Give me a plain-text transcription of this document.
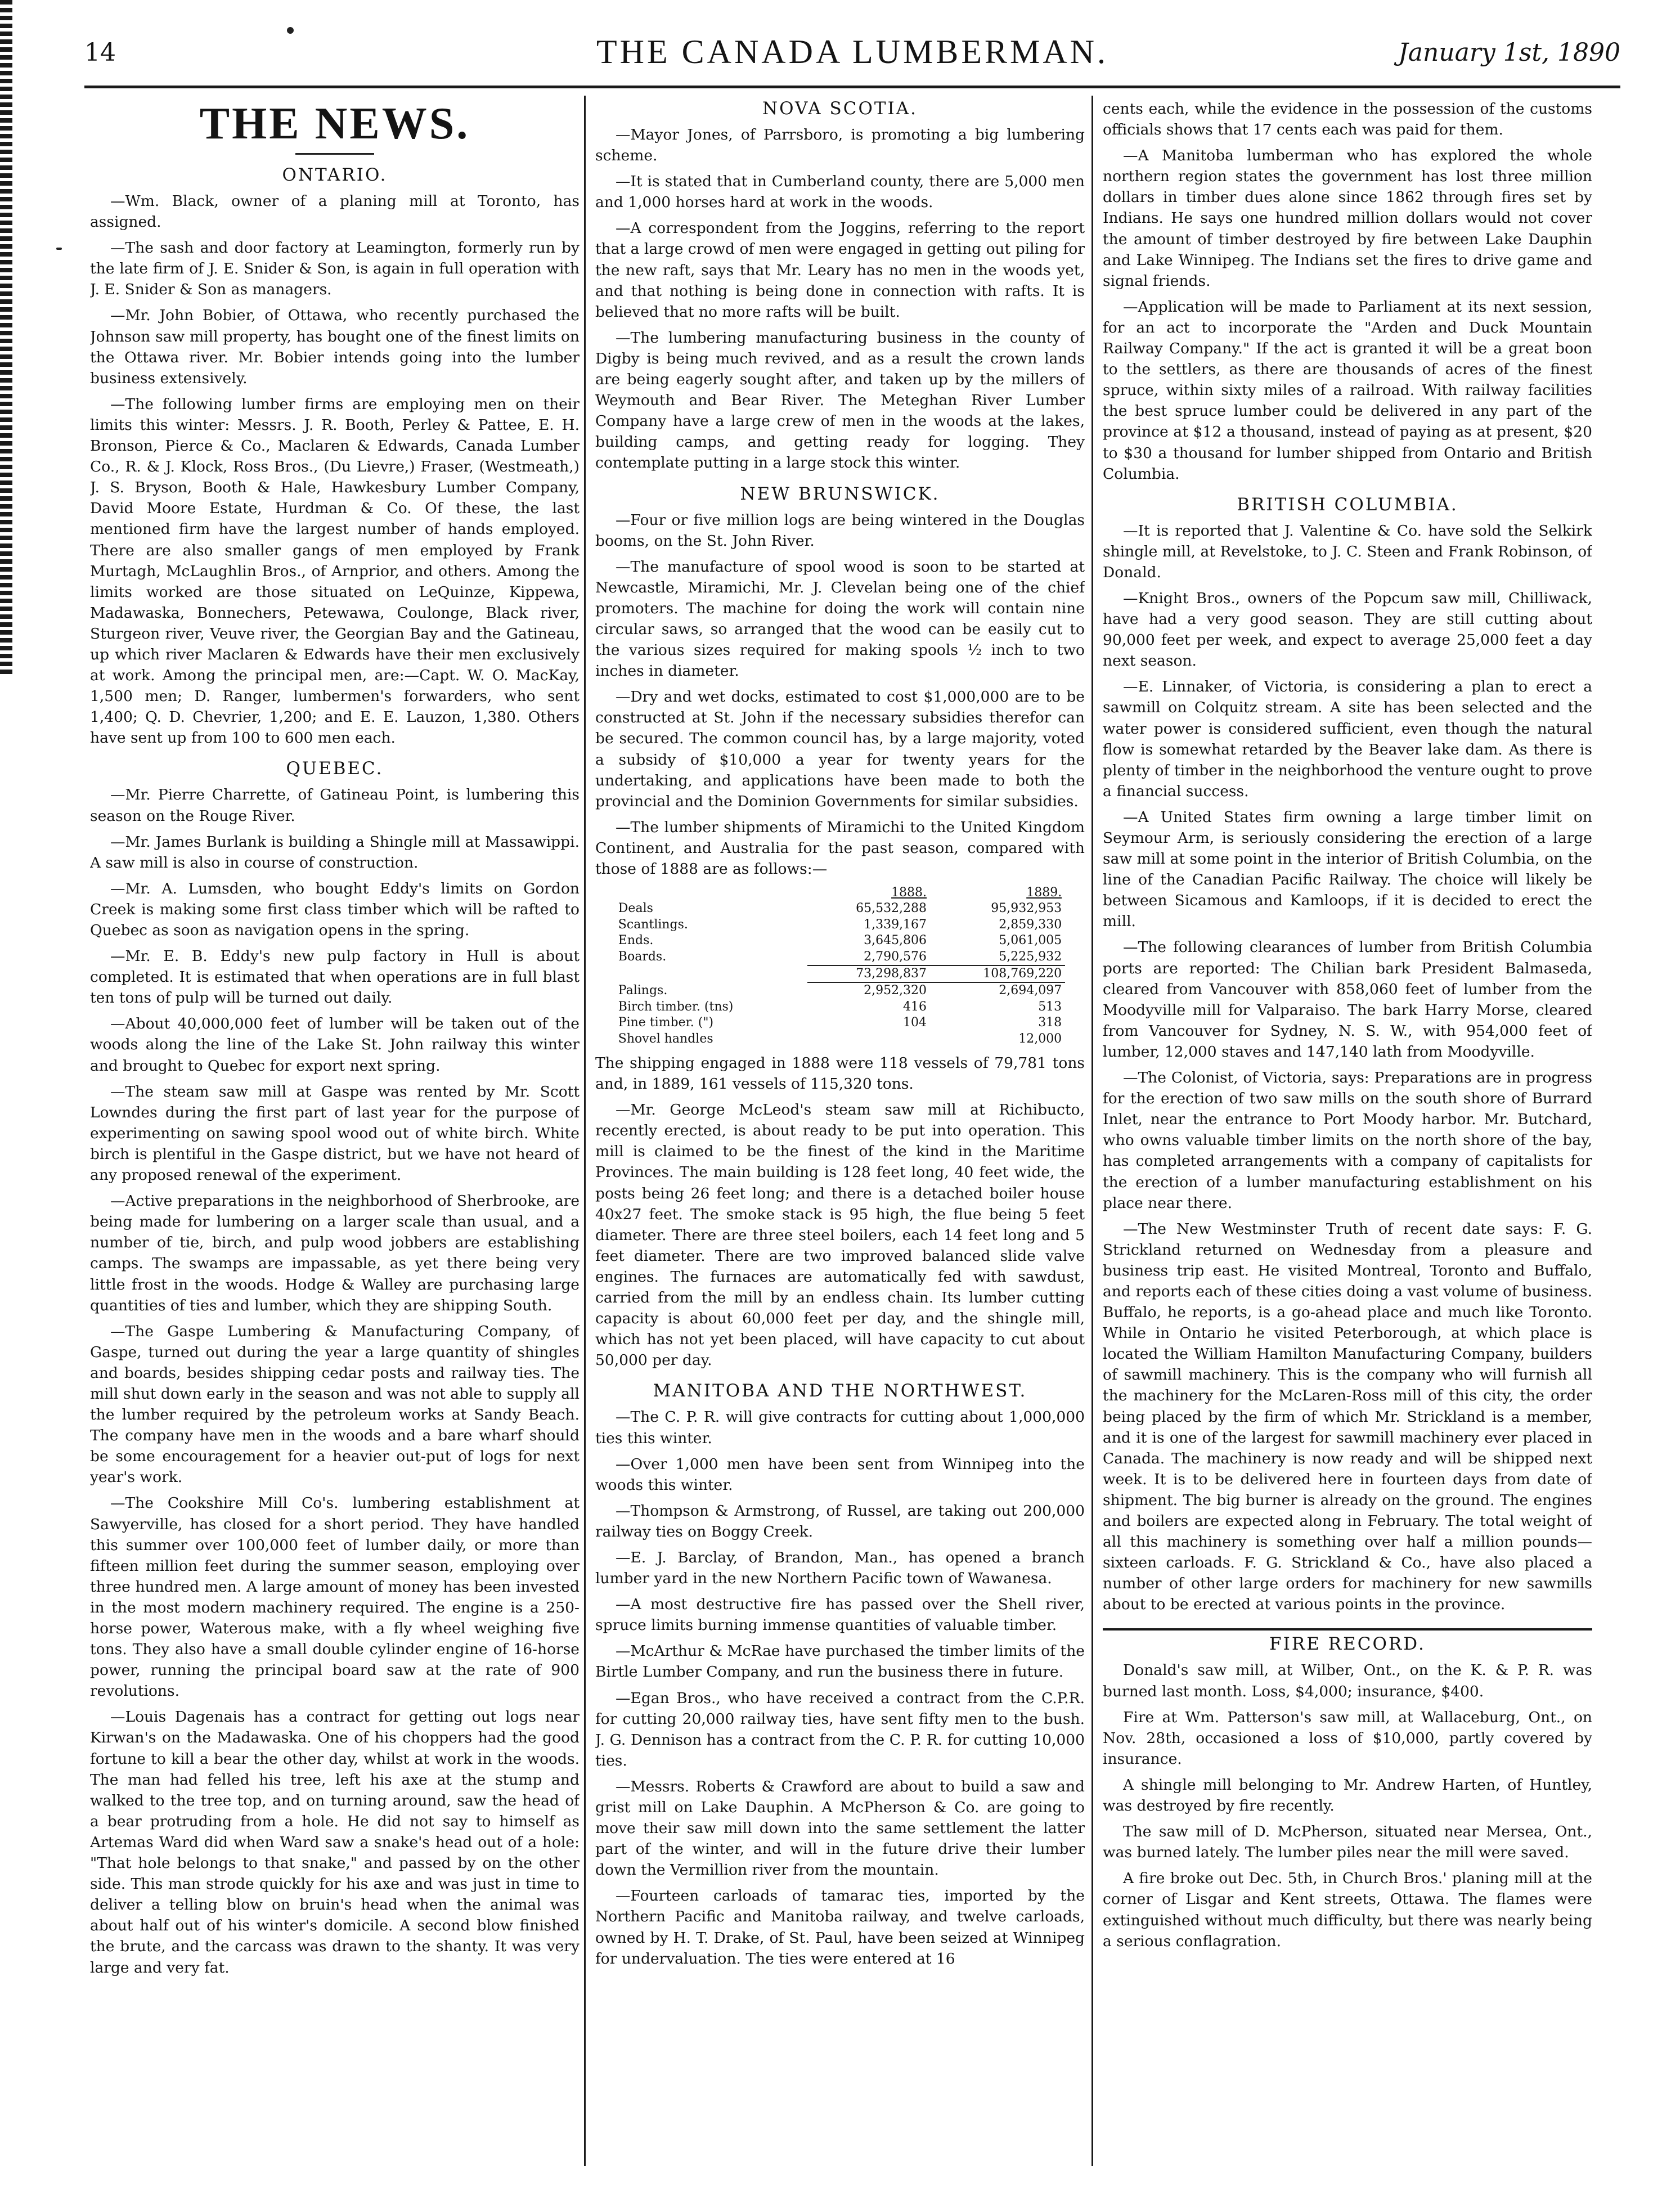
14	THE CANADA LUMBERMAN.	January 1st, 1890
THE NEWS.
ONTARIO.

—Wm. Black, owner of a planing mill at Toronto, has assigned.

—The sash and door factory at Leamington, formerly run by the late firm of J. E. Snider & Son, is again in full operation with J. E. Snider & Son as managers.

—Mr. John Bobier, of Ottawa, who recently purchased the Johnson saw mill property, has bought one of the finest limits on the Ottawa river. Mr. Bobier intends going into the lumber business extensively.

—The following lumber firms are employing men on their limits this winter: Messrs. J. R. Booth, Perley & Pattee, E. H. Bronson, Pierce & Co., Maclaren & Edwards, Canada Lumber Co., R. & J. Klock, Ross Bros., (Du Lievre,) Fraser, (Westmeath,) J. S. Bryson, Booth & Hale, Hawkesbury Lumber Company, David Moore Estate, Hurdman & Co. Of these, the last mentioned firm have the largest number of hands employed. There are also smaller gangs of men employed by Frank Murtagh, McLaughlin Bros., of Arnprior, and others. Among the limits worked are those situated on LeQuinze, Kippewa, Madawaska, Bonnechers, Petewawa, Coulonge, Black river, Sturgeon river, Veuve river, the Georgian Bay and the Gatineau, up which river Maclaren & Edwards have their men exclusively at work. Among the principal men, are:—Capt. W. O. MacKay, 1,500 men; D. Ranger, lumbermen's forwarders, who sent 1,400; Q. D. Chevrier, 1,200; and E. E. Lauzon, 1,380. Others have sent up from 100 to 600 men each.

QUEBEC.

—Mr. Pierre Charrette, of Gatineau Point, is lumbering this season on the Rouge River.

—Mr. James Burlank is building a Shingle mill at Massawippi. A saw mill is also in course of construction.

—Mr. A. Lumsden, who bought Eddy's limits on Gordon Creek is making some first class timber which will be rafted to Quebec as soon as navigation opens in the spring.

—Mr. E. B. Eddy's new pulp factory in Hull is about completed. It is estimated that when operations are in full blast ten tons of pulp will be turned out daily.

—About 40,000,000 feet of lumber will be taken out of the woods along the line of the Lake St. John railway this winter and brought to Quebec for export next spring.

—The steam saw mill at Gaspe was rented by Mr. Scott Lowndes during the first part of last year for the purpose of experimenting on sawing spool wood out of white birch. White birch is plentiful in the Gaspe district, but we have not heard of any proposed renewal of the experiment.

—Active preparations in the neighborhood of Sherbrooke, are being made for lumbering on a larger scale than usual, and a number of tie, birch, and pulp wood jobbers are establishing camps. The swamps are impassable, as yet there being very little frost in the woods. Hodge & Walley are purchasing large quantities of ties and lumber, which they are shipping South.

—The Gaspe Lumbering & Manufacturing Company, of Gaspe, turned out during the year a large quantity of shingles and boards, besides shipping cedar posts and railway ties. The mill shut down early in the season and was not able to supply all the lumber required by the petroleum works at Sandy Beach. The company have men in the woods and a bare wharf should be some encouragement for a heavier out-put of logs for next year's work.

—The Cookshire Mill Co's. lumbering establishment at Sawyerville, has closed for a short period. They have handled this summer over 100,000 feet of lumber daily, or more than fifteen million feet during the summer season, employing over three hundred men. A large amount of money has been invested in the most modern machinery required. The engine is a 250-horse power, Waterous make, with a fly wheel weighing five tons. They also have a small double cylinder engine of 16-horse power, running the principal board saw at the rate of 900 revolutions.

—Louis Dagenais has a contract for getting out logs near Kirwan's on the Madawaska. One of his choppers had the good fortune to kill a bear the other day, whilst at work in the woods. The man had felled his tree, left his axe at the stump and walked to the tree top, and on turning around, saw the head of a bear protruding from a hole. He did not say to himself as Artemas Ward did when Ward saw a snake's head out of a hole: "That hole belongs to that snake," and passed by on the other side. This man strode quickly for his axe and was just in time to deliver a telling blow on bruin's head when the animal was about half out of his winter's domicile. A second blow finished the brute, and the carcass was drawn to the shanty. It was very large and very fat.

NOVA SCOTIA.

—Mayor Jones, of Parrsboro, is promoting a big lumbering scheme.

—It is stated that in Cumberland county, there are 5,000 men and 1,000 horses hard at work in the woods.

—A correspondent from the Joggins, referring to the report that a large crowd of men were engaged in getting out piling for the new raft, says that Mr. Leary has no men in the woods yet, and that nothing is being done in connection with rafts. It is believed that no more rafts will be built.

—The lumbering manufacturing business in the county of Digby is being much revived, and as a result the crown lands are being eagerly sought after, and taken up by the millers of Weymouth and Bear River. The Meteghan River Lumber Company have a large crew of men in the woods at the lakes, building camps, and getting ready for logging. They contemplate putting in a large stock this winter.

NEW BRUNSWICK.

—Four or five million logs are being wintered in the Douglas booms, on the St. John River.

—The manufacture of spool wood is soon to be started at Newcastle, Miramichi, Mr. J. Clevelan being one of the chief promoters. The machine for doing the work will contain nine circular saws, so arranged that the wood can be easily cut to the various sizes required for making spools ½ inch to two inches in diameter.

—Dry and wet docks, estimated to cost $1,000,000 are to be constructed at St. John if the necessary subsidies therefor can be secured. The common council has, by a large majority, voted a subsidy of $10,000 a year for twenty years for the undertaking, and applications have been made to both the provincial and the Dominion Governments for similar subsidies.

—The lumber shipments of Miramichi to the United Kingdom Continent, and Australia for the past season, compared with those of 1888 are as follows:—

	1888.	1889.
Deals	65,532,288	95,932,953
Scantlings.	1,339,167	2,859,330
Ends.	3,645,806	5,061,005
Boards.	2,790,576	5,225,932
	73,298,837	108,769,220
Palings.	2,952,320	2,694,097
Birch timber. (tns)	416	513
Pine timber. (")	104	318
Shovel handles		12,000

The shipping engaged in 1888 were 118 vessels of 79,781 tons and, in 1889, 161 vessels of 115,320 tons.

—Mr. George McLeod's steam saw mill at Richibucto, recently erected, is about ready to be put into operation. This mill is claimed to be the finest of the kind in the Maritime Provinces. The main building is 128 feet long, 40 feet wide, the posts being 26 feet long; and there is a detached boiler house 40x27 feet. The smoke stack is 95 high, the flue being 5 feet diameter. There are three steel boilers, each 14 feet long and 5 feet diameter. There are two improved balanced slide valve engines. The furnaces are automatically fed with sawdust, carried from the mill by an endless chain. Its lumber cutting capacity is about 60,000 feet per day, and the shingle mill, which has not yet been placed, will have capacity to cut about 50,000 per day.

MANITOBA AND THE NORTHWEST.

—The C. P. R. will give contracts for cutting about 1,000,000 ties this winter.

—Over 1,000 men have been sent from Winnipeg into the woods this winter.

—Thompson & Armstrong, of Russel, are taking out 200,000 railway ties on Boggy Creek.

—E. J. Barclay, of Brandon, Man., has opened a branch lumber yard in the new Northern Pacific town of Wawanesa.

—A most destructive fire has passed over the Shell river, spruce limits burning immense quantities of valuable timber.

—McArthur & McRae have purchased the timber limits of the Birtle Lumber Company, and run the business there in future.

—Egan Bros., who have received a contract from the C.P.R. for cutting 20,000 railway ties, have sent fifty men to the bush. J. G. Dennison has a contract from the C. P. R. for cutting 10,000 ties.

—Messrs. Roberts & Crawford are about to build a saw and grist mill on Lake Dauphin. A McPherson & Co. are going to move their saw mill down into the same settlement the latter part of the winter, and will in the future drive their lumber down the Vermillion river from the mountain.

—Fourteen carloads of tamarac ties, imported by the Northern Pacific and Manitoba railway, and twelve carloads, owned by H. T. Drake, of St. Paul, have been seized at Winnipeg for undervaluation. The ties were entered at 16

cents each, while the evidence in the possession of the customs officials shows that 17 cents each was paid for them.

—A Manitoba lumberman who has explored the whole northern region states the government has lost three million dollars in timber dues alone since 1862 through fires set by Indians. He says one hundred million dollars would not cover the amount of timber destroyed by fire between Lake Dauphin and Lake Winnipeg. The Indians set the fires to drive game and signal friends.

—Application will be made to Parliament at its next session, for an act to incorporate the "Arden and Duck Mountain Railway Company." If the act is granted it will be a great boon to the settlers, as there are thousands of acres of the finest spruce, within sixty miles of a railroad. With railway facilities the best spruce lumber could be delivered in any part of the province at $12 a thousand, instead of paying as at present, $20 to $30 a thousand for lumber shipped from Ontario and British Columbia.

BRITISH COLUMBIA.

—It is reported that J. Valentine & Co. have sold the Selkirk shingle mill, at Revelstoke, to J. C. Steen and Frank Robinson, of Donald.

—Knight Bros., owners of the Popcum saw mill, Chilliwack, have had a very good season. They are still cutting about 90,000 feet per week, and expect to average 25,000 feet a day next season.

—E. Linnaker, of Victoria, is considering a plan to erect a sawmill on Colquitz stream. A site has been selected and the water power is considered sufficient, even though the natural flow is somewhat retarded by the Beaver lake dam. As there is plenty of timber in the neighborhood the venture ought to prove a financial success.

—A United States firm owning a large timber limit on Seymour Arm, is seriously considering the erection of a large saw mill at some point in the interior of British Columbia, on the line of the Canadian Pacific Railway. The choice will likely be between Sicamous and Kamloops, if it is decided to erect the mill.

—The following clearances of lumber from British Columbia ports are reported: The Chilian bark President Balmaseda, cleared from Vancouver with 858,060 feet of lumber from the Moodyville mill for Valparaiso. The bark Harry Morse, cleared from Vancouver for Sydney, N. S. W., with 954,000 feet of lumber, 12,000 staves and 147,140 lath from Moodyville.

—The Colonist, of Victoria, says: Preparations are in progress for the erection of two saw mills on the south shore of Burrard Inlet, near the entrance to Port Moody harbor. Mr. Butchard, who owns valuable timber limits on the north shore of the bay, has completed arrangements with a company of capitalists for the erection of a lumber manufacturing establishment on his place near there.

—The New Westminster Truth of recent date says: F. G. Strickland returned on Wednesday from a pleasure and business trip east. He visited Montreal, Toronto and Buffalo, and reports each of these cities doing a vast volume of business. Buffalo, he reports, is a go-ahead place and much like Toronto. While in Ontario he visited Peterborough, at which place is located the William Hamilton Manufacturing Company, builders of sawmill machinery. This is the company who will furnish all the machinery for the McLaren-Ross mill of this city, the order being placed by the firm of which Mr. Strickland is a member, and it is one of the largest for sawmill machinery ever placed in Canada. The machinery is now ready and will be shipped next week. It is to be delivered here in fourteen days from date of shipment. The big burner is already on the ground. The engines and boilers are expected along in February. The total weight of all this machinery is something over half a million pounds—sixteen carloads. F. G. Strickland & Co., have also placed a number of other large orders for machinery for new sawmills about to be erected at various points in the province.

FIRE RECORD.

Donald's saw mill, at Wilber, Ont., on the K. & P. R. was burned last month. Loss, $4,000; insurance, $400.

Fire at Wm. Patterson's saw mill, at Wallaceburg, Ont., on Nov. 28th, occasioned a loss of $10,000, partly covered by insurance.

A shingle mill belonging to Mr. Andrew Harten, of Huntley, was destroyed by fire recently.

The saw mill of D. McPherson, situated near Mersea, Ont., was burned lately. The lumber piles near the mill were saved.

A fire broke out Dec. 5th, in Church Bros.' planing mill at the corner of Lisgar and Kent streets, Ottawa. The flames were extinguished without much difficulty, but there was nearly being a serious conflagration.
